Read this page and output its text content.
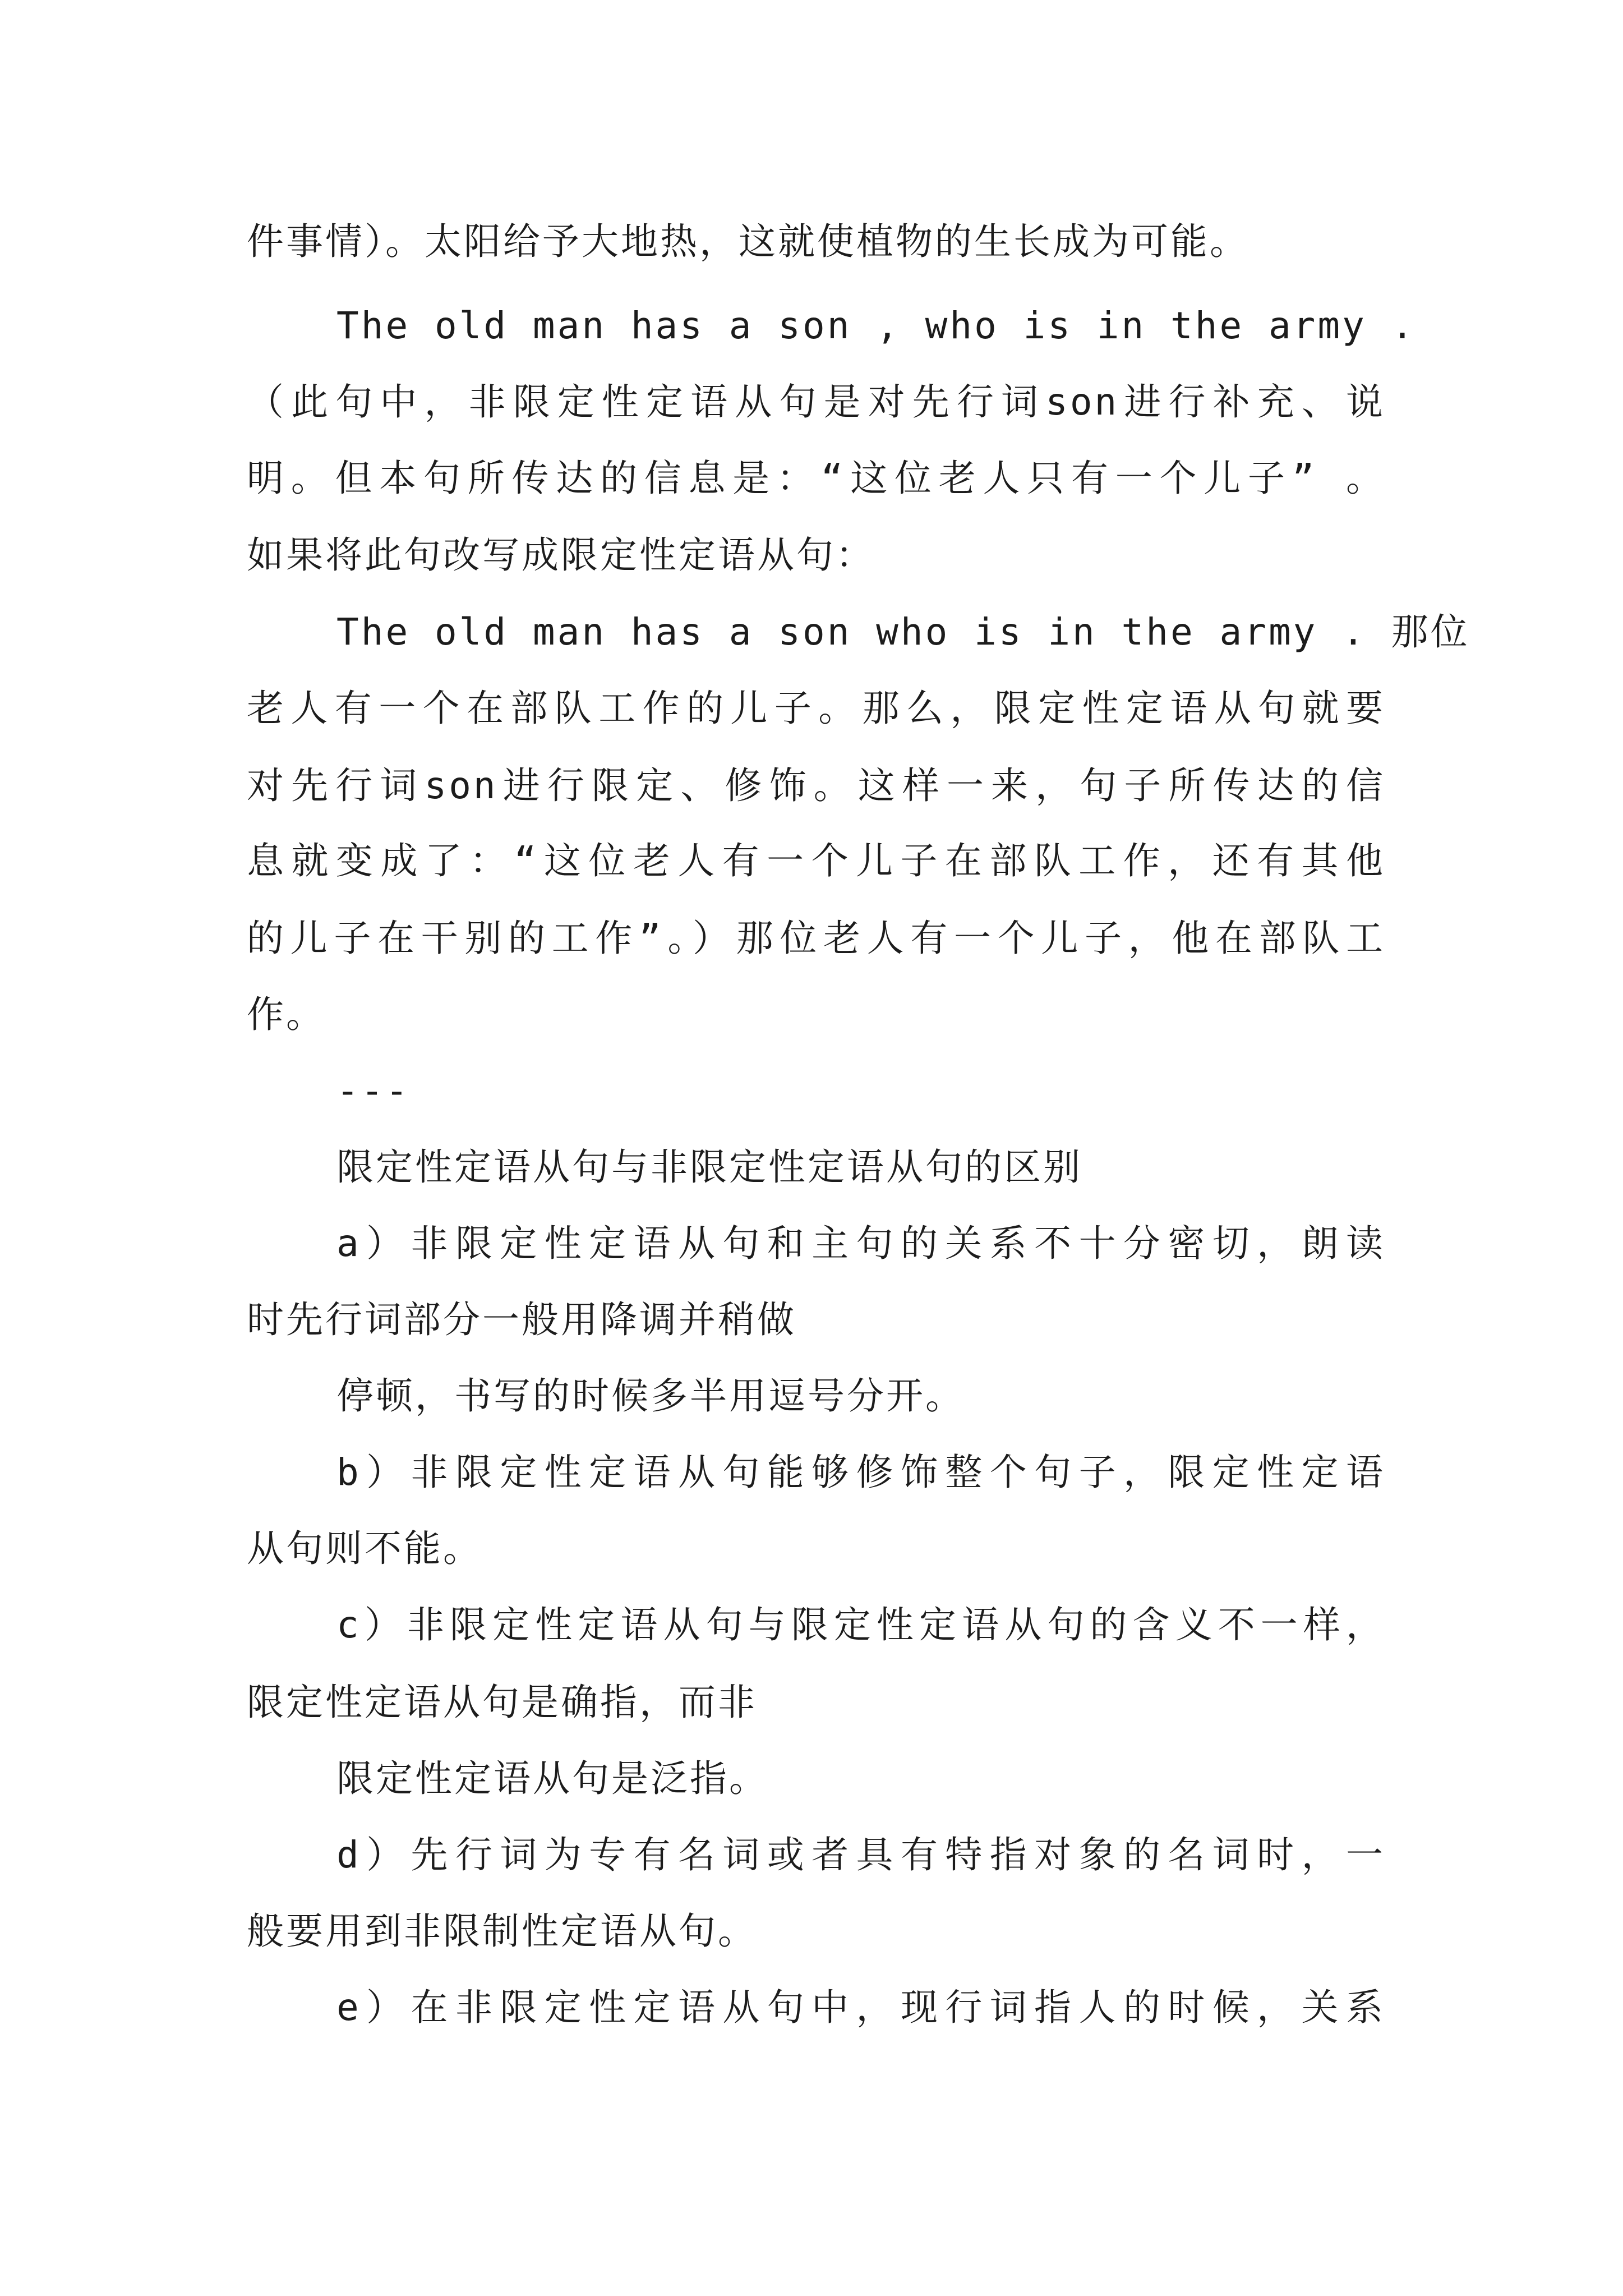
件事情）。太阳给予大地热，这就使植物的生长成为可能。

The old man has a son , who is in the army .

（此句中，非限定性定语从句是对先行词son进行补充、说

明。但本句所传达的信息是：“这位老人只有一个儿子” 。

如果将此句改写成限定性定语从句：

The old man has a son who is in the army . 那位

老人有一个在部队工作的儿子。那么，限定性定语从句就要

对先行词son进行限定、修饰。这样一来，句子所传达的信

息就变成了：“这位老人有一个儿子在部队工作，还有其他

的儿子在干别的工作”。）那位老人有一个儿子，他在部队工

作。

---

限定性定语从句与非限定性定语从句的区别

a）非限定性定语从句和主句的关系不十分密切，朗读

时先行词部分一般用降调并稍做

停顿，书写的时候多半用逗号分开。

b）非限定性定语从句能够修饰整个句子，限定性定语

从句则不能。

c）非限定性定语从句与限定性定语从句的含义不一样，

限定性定语从句是确指，而非

限定性定语从句是泛指。

d）先行词为专有名词或者具有特指对象的名词时，一

般要用到非限制性定语从句。

e）在非限定性定语从句中，现行词指人的时候，关系
